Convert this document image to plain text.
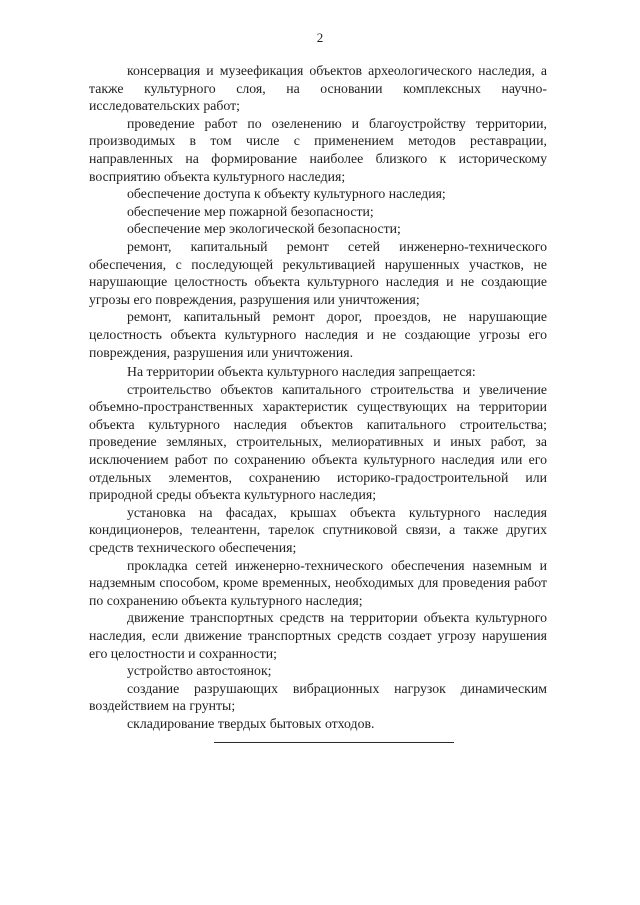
2

консервация и музеефикация объектов археологического наследия, а также культурного слоя, на основании комплексных научно-исследовательских работ;

проведение работ по озеленению и благоустройству территории, производимых в том числе с применением методов реставрации, направленных на формирование наиболее близкого к историческому восприятию объекта культурного наследия;

обеспечение доступа к объекту культурного наследия;

обеспечение мер пожарной безопасности;

обеспечение мер экологической безопасности;

ремонт, капитальный ремонт сетей инженерно-технического обеспечения, с последующей рекультивацией нарушенных участков, не нарушающие целостность объекта культурного наследия и не создающие угрозы его повреждения, разрушения или уничтожения;

ремонт, капитальный ремонт дорог, проездов, не нарушающие целостность объекта культурного наследия и не создающие угрозы его повреждения, разрушения или уничтожения.

На территории объекта культурного наследия запрещается:

строительство объектов капитального строительства и увеличение объемно-пространственных характеристик существующих на территории объекта культурного наследия объектов капитального строительства; проведение земляных, строительных, мелиоративных и иных работ, за исключением работ по сохранению объекта культурного наследия или его отдельных элементов, сохранению историко-градостроительной или природной среды объекта культурного наследия;

установка на фасадах, крышах объекта культурного наследия кондиционеров, телеантенн, тарелок спутниковой связи, а также других средств технического обеспечения;

прокладка сетей инженерно-технического обеспечения наземным и надземным способом, кроме временных, необходимых для проведения работ по сохранению объекта культурного наследия;

движение транспортных средств на территории объекта культурного наследия, если движение транспортных средств создает угрозу нарушения его целостности и сохранности;

устройство автостоянок;

создание разрушающих вибрационных нагрузок динамическим воздействием на грунты;

складирование твердых бытовых отходов.
